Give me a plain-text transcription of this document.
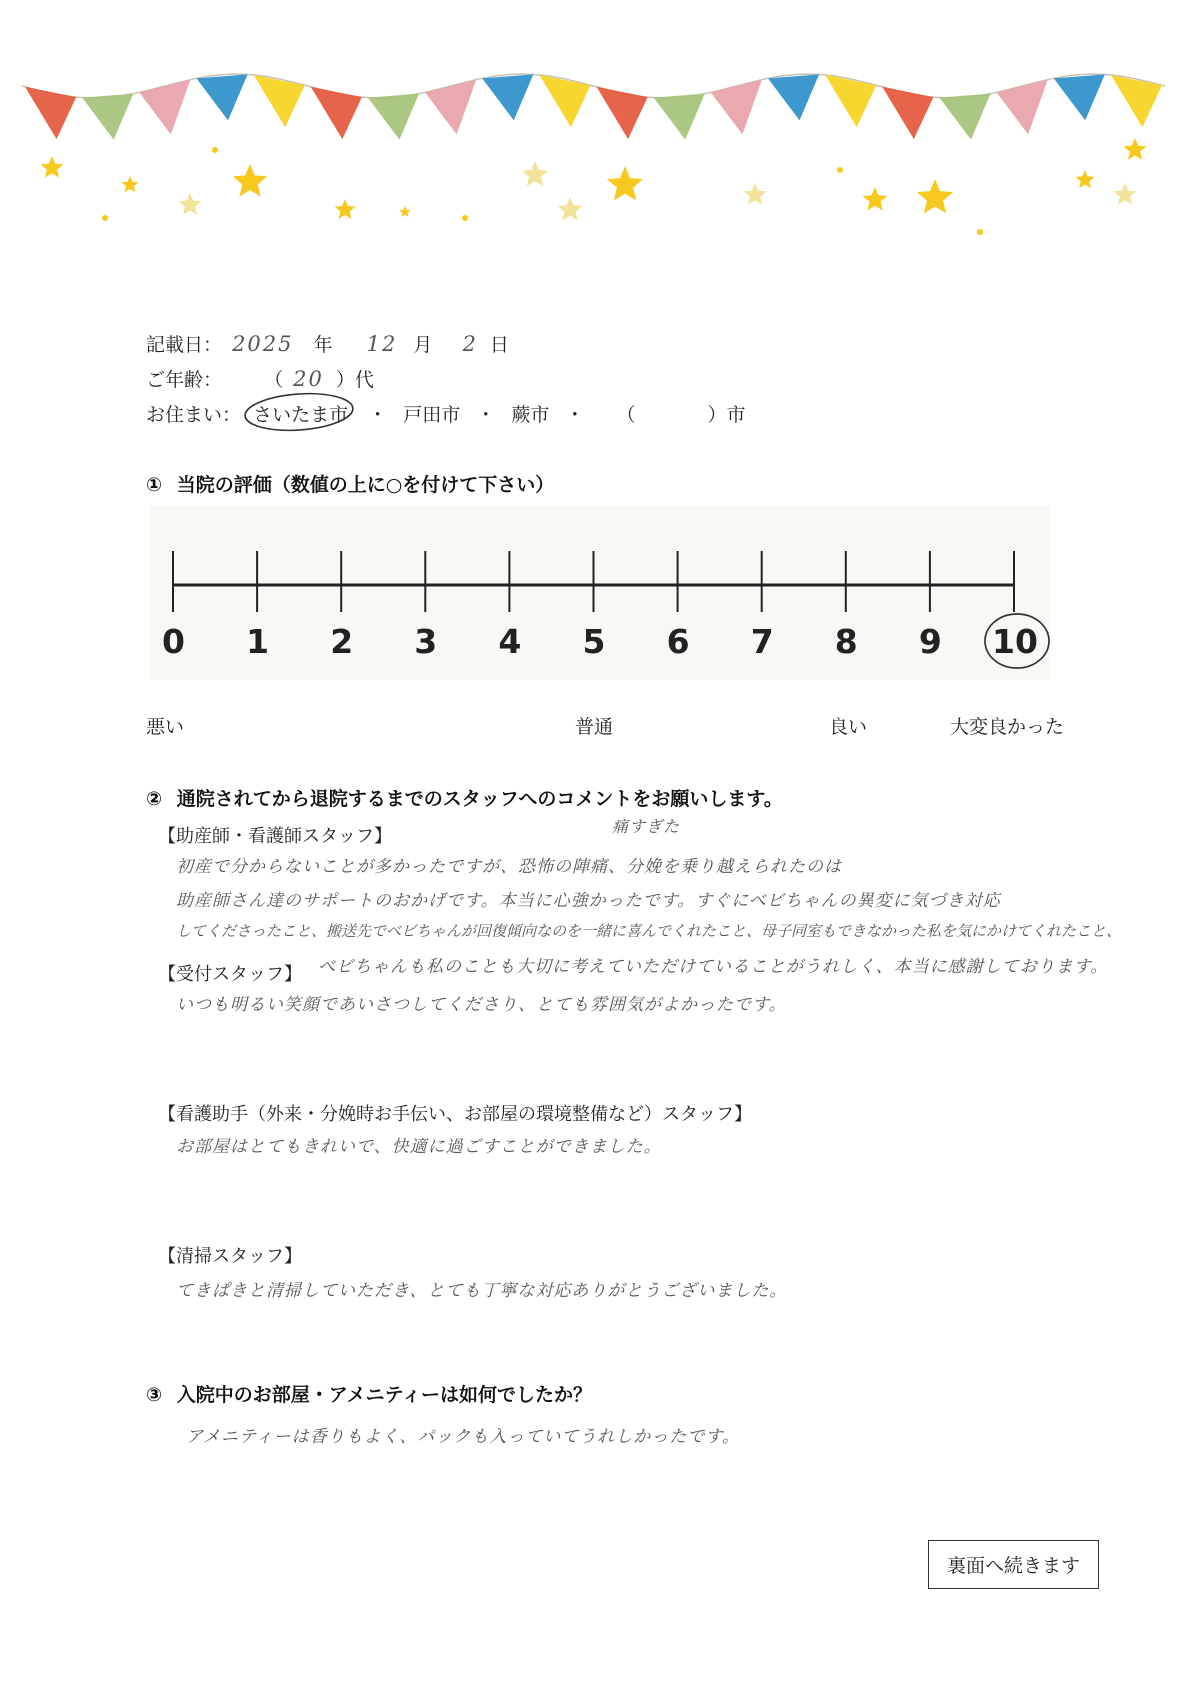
記載日： 2025 年 12 月 2 日
ご年齢： （ 20 ）代
お住まい： さいたま市 ・ 戸田市 ・ 蕨市 ・ （	）市
① 当院の評価（数値の上に○を付けて下さい）
0 1 2 3 4 5 6 7 8 9 10
悪い	普通	良い	大変良かった
② 通院されてから退院するまでのスタッフへのコメントをお願いします。
【助産師・看護師スタッフ】	痛すぎた
初産で分からないことが多かったですが、恐怖の陣痛、分娩を乗り越えられたのは
助産師さん達のサポートのおかげです。本当に心強かったです。すぐにべビちゃんの異変に気づき対応
してくださったこと、搬送先でべビちゃんが回復傾向なのを一緒に喜んでくれたこと、母子同室もできなかった私を気にかけてくれたこと、
べビちゃんも私のことも大切に考えていただけていることがうれしく、本当に感謝しております。
【受付スタッフ】
いつも明るい笑顔であいさつしてくださり、とても雰囲気がよかったです。
【看護助手（外来・分娩時お手伝い、お部屋の環境整備など）スタッフ】
お部屋はとてもきれいで、快適に過ごすことができました。
【清掃スタッフ】
てきぱきと清掃していただき、とても丁寧な対応ありがとうございました。
③ 入院中のお部屋・アメニティーは如何でしたか？
アメニティーは香りもよく、パックも入っていてうれしかったです。
裏面へ続きます
